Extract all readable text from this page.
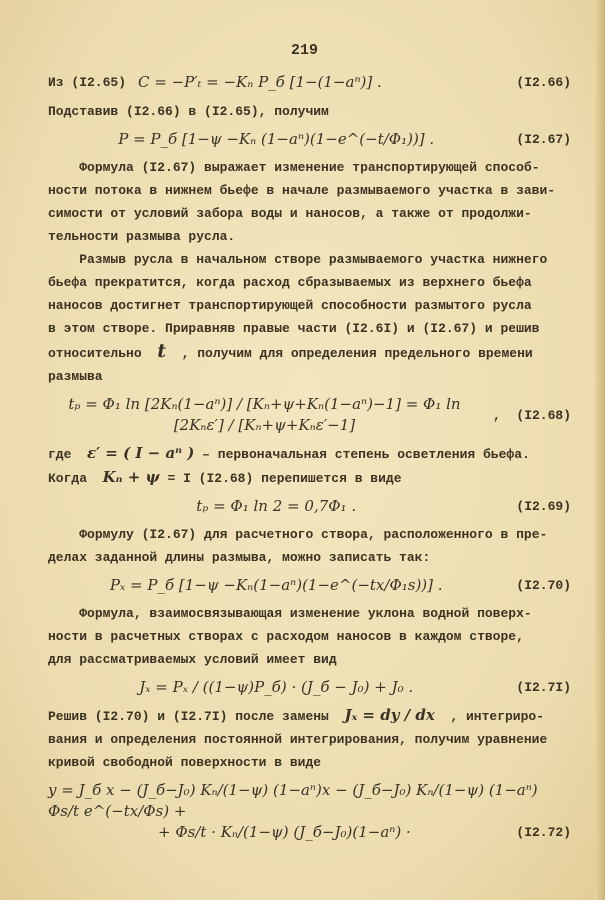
219
Из (I2.65) C = −P′ₜ = −Kₙ P_б [1−(1−aⁿ)] .	(I2.66)
Подставив (I2.66) в (I2.65), получим
P = P_б [1−ψ −Kₙ (1−aⁿ)(1−e^(−t/Φ₁))] .	(I2.67)
Формула (I2.67) выражает изменение транспортирующей способ-
ности потока в нижнем бьефе в начале размываемого участка в зави-
симости от условий забора воды и наносов, а также от продолжи-
тельности размыва русла.
Размыв русла в начальном створе размываемого участка нижнего
бьефа прекратится, когда расход сбразываемых из верхнего бьефа
наносов достигнет транспортирующей способности размытого русла
в этом створе. Приравняв правые части (I2.6I) и (I2.67) и решив
относительно t , получим для определения предельного времени
размыва
tₚ = Φ₁ ln [2Kₙ(1−aⁿ)] / [Kₙ+ψ+Kₙ(1−aⁿ)−1] = Φ₁ ln [2Kₙε′] / [Kₙ+ψ+Kₙε′−1]
,  (I2.68)
где ε′ = ( I − aⁿ ) – первоначальная степень осветления бьефа.
Когда Kₙ + ψ = I (I2.68) перепишется в виде
tₚ = Φ₁ ln 2 = 0,7Φ₁ .	(I2.69)
Формулу (I2.67) для расчетного створа, расположенного в пре-
делах заданной длины размыва, можно записать так:
Pₓ = P_б [1−ψ −Kₙ(1−aⁿ)(1−e^(−tx/Φ₁s))] .	(I2.70)
Формула, взаимосвязывающая изменение уклона водной поверх-
ности в расчетных створах с расходом наносов в каждом створе,
для рассматриваемых условий имеет вид
Jₓ = Pₓ / ((1−ψ)P_б) · (J_б − J₀) + J₀ .	(I2.7I)
Решив (I2.70) и (I2.7I) после замены Jₓ = dy / dx , интегриро-
вания и определения постоянной интегрирования, получим уравнение
кривой свободной поверхности в виде
y = J_б x − (J_б−J₀) Kₙ/(1−ψ) (1−aⁿ)x − (J_б−J₀) Kₙ/(1−ψ) (1−aⁿ) Φs/t e^(−tx/Φs) +
+ Φs/t · Kₙ/(1−ψ) (J_б−J₀)(1−aⁿ) ·	(I2.72)
